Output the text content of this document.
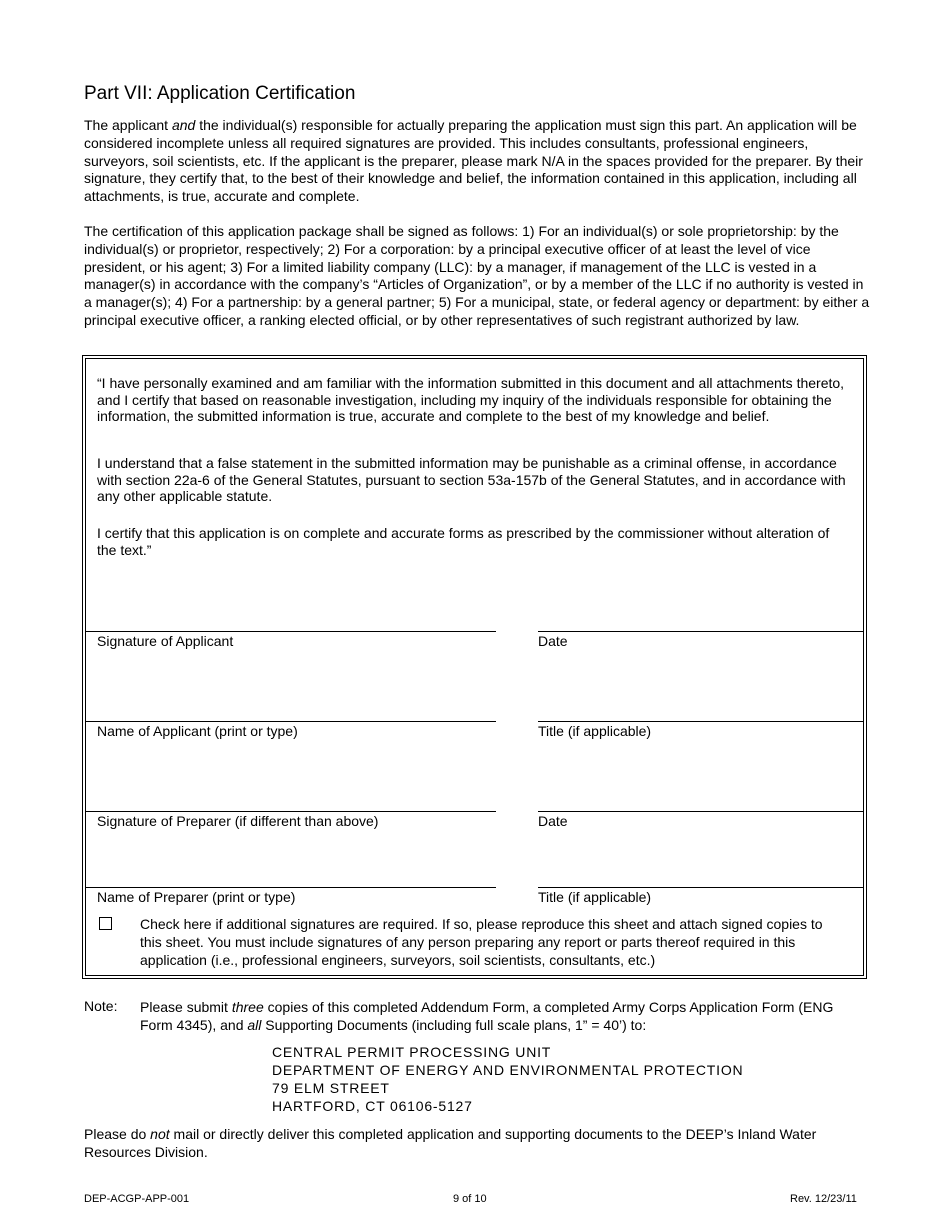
Part VII: Application Certification
The applicant and the individual(s) responsible for actually preparing the application must sign this part. An application will be considered incomplete unless all required signatures are provided. This includes consultants, professional engineers, surveyors, soil scientists, etc. If the applicant is the preparer, please mark N/A in the spaces provided for the preparer. By their signature, they certify that, to the best of their knowledge and belief, the information contained in this application, including all attachments, is true, accurate and complete.
The certification of this application package shall be signed as follows: 1) For an individual(s) or sole proprietorship: by the individual(s) or proprietor, respectively; 2) For a corporation: by a principal executive officer of at least the level of vice president, or his agent; 3) For a limited liability company (LLC): by a manager, if management of the LLC is vested in a manager(s) in accordance with the company’s “Articles of Organization”, or by a member of the LLC if no authority is vested in a manager(s); 4) For a partnership: by a general partner; 5) For a municipal, state, or federal agency or department: by either a principal executive officer, a ranking elected official, or by other representatives of such registrant authorized by law.
“I have personally examined and am familiar with the information submitted in this document and all attachments thereto, and I certify that based on reasonable investigation, including my inquiry of the individuals responsible for obtaining the information, the submitted information is true, accurate and complete to the best of my knowledge and belief.
I understand that a false statement in the submitted information may be punishable as a criminal offense, in accordance with section 22a-6 of the General Statutes, pursuant to section 53a-157b of the General Statutes, and in accordance with any other applicable statute.
I certify that this application is on complete and accurate forms as prescribed by the commissioner without alteration of the text.”
Signature of Applicant	Date
Name of Applicant (print or type)	Title (if applicable)
Signature of Preparer (if different than above)	Date
Name of Preparer (print or type)	Title (if applicable)
Check here if additional signatures are required. If so, please reproduce this sheet and attach signed copies to this sheet. You must include signatures of any person preparing any report or parts thereof required in this application (i.e., professional engineers, surveyors, soil scientists, consultants, etc.)
Note: Please submit three copies of this completed Addendum Form, a completed Army Corps Application Form (ENG Form 4345), and all Supporting Documents (including full scale plans, 1” = 40’) to:
CENTRAL PERMIT PROCESSING UNIT
DEPARTMENT OF ENERGY AND ENVIRONMENTAL PROTECTION
79 ELM STREET
HARTFORD, CT 06106-5127
Please do not mail or directly deliver this completed application and supporting documents to the DEEP’s Inland Water Resources Division.
DEP-ACGP-APP-001	9 of 10	Rev. 12/23/11
